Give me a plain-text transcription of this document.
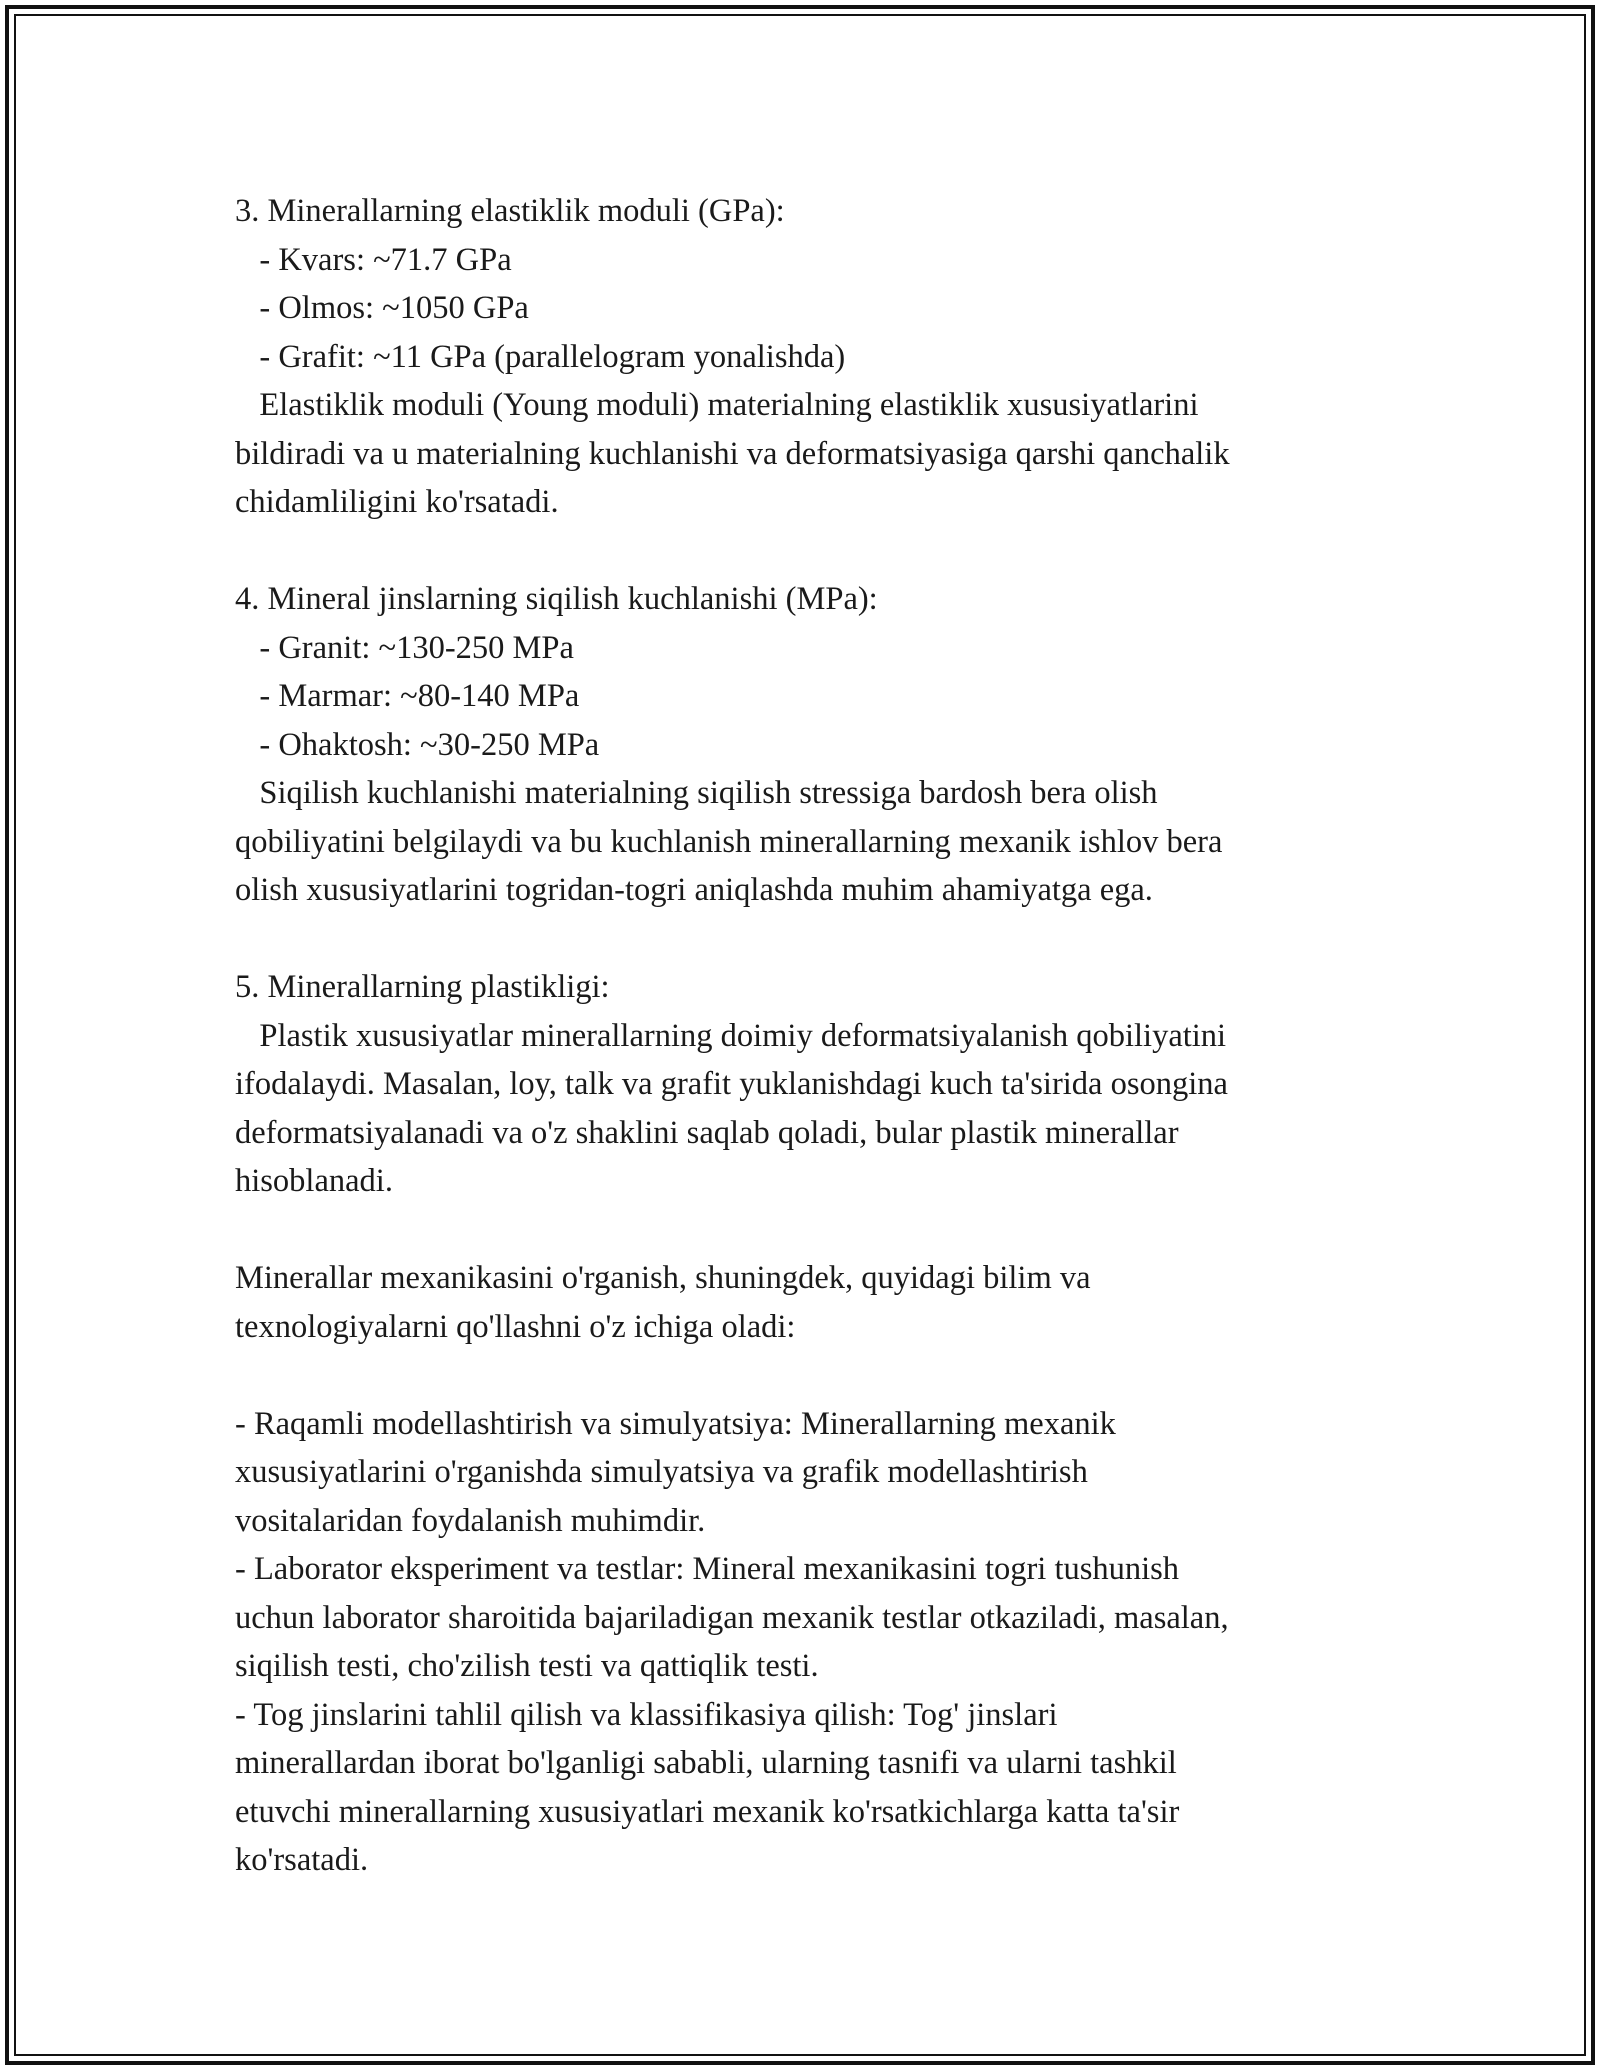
3. Minerallarning elastiklik moduli (GPa):
- Kvars: ~71.7 GPa
- Olmos: ~1050 GPa
- Grafit: ~11 GPa (parallelogram yonalishda)
Elastiklik moduli (Young moduli) materialning elastiklik xususiyatlarini
bildiradi va u materialning kuchlanishi va deformatsiyasiga qarshi qanchalik
chidamliligini ko'rsatadi.
4. Mineral jinslarning siqilish kuchlanishi (MPa):
- Granit: ~130-250 MPa
- Marmar: ~80-140 MPa
- Ohaktosh: ~30-250 MPa
Siqilish kuchlanishi materialning siqilish stressiga bardosh bera olish
qobiliyatini belgilaydi va bu kuchlanish minerallarning mexanik ishlov bera
olish xususiyatlarini togridan-togri aniqlashda muhim ahamiyatga ega.
5. Minerallarning plastikligi:
Plastik xususiyatlar minerallarning doimiy deformatsiyalanish qobiliyatini
ifodalaydi. Masalan, loy, talk va grafit yuklanishdagi kuch ta'sirida osongina
deformatsiyalanadi va o'z shaklini saqlab qoladi, bular plastik minerallar
hisoblanadi.
Minerallar mexanikasini o'rganish, shuningdek, quyidagi bilim va
texnologiyalarni qo'llashni o'z ichiga oladi:
- Raqamli modellashtirish va simulyatsiya: Minerallarning mexanik
xususiyatlarini o'rganishda simulyatsiya va grafik modellashtirish
vositalaridan foydalanish muhimdir.
- Laborator eksperiment va testlar: Mineral mexanikasini togri tushunish
uchun laborator sharoitida bajariladigan mexanik testlar otkaziladi, masalan,
siqilish testi, cho'zilish testi va qattiqlik testi.
- Tog jinslarini tahlil qilish va klassifikasiya qilish: Tog' jinslari
minerallardan iborat bo'lganligi sababli, ularning tasnifi va ularni tashkil
etuvchi minerallarning xususiyatlari mexanik ko'rsatkichlarga katta ta'sir
ko'rsatadi.
